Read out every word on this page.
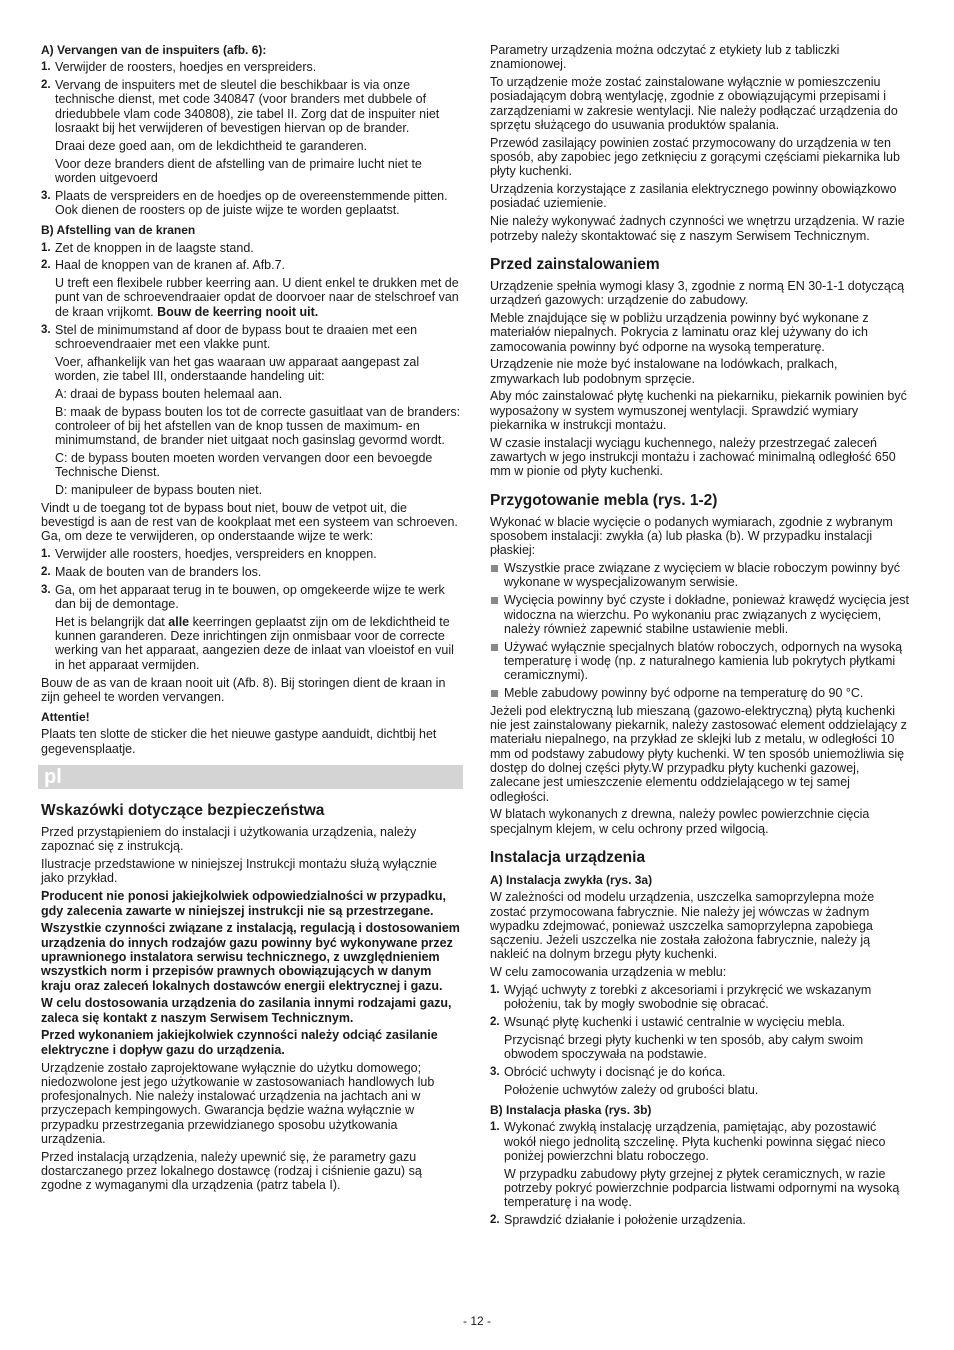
A) Vervangen van de inspuiters (afb. 6):

1. Verwijder de roosters, hoedjes en verspreiders.
2. Vervang de inspuiters met de sleutel die beschikbaar is via onze technische dienst, met code 340847 (voor branders met dubbele of driedubbele vlam code 340808), zie tabel II. Zorg dat de inspuiter niet losraakt bij het verwijderen of bevestigen hiervan op de brander.

Draai deze goed aan, om de lekdichtheid te garanderen.

Voor deze branders dient de afstelling van de primaire lucht niet te worden uitgevoerd

3. Plaats de verspreiders en de hoedjes op de overeenstemmende pitten. Ook dienen de roosters op de juiste wijze te worden geplaatst.

B) Afstelling van de kranen

1. Zet de knoppen in de laagste stand.
2. Haal de knoppen van de kranen af. Afb.7.

U treft een flexibele rubber keerring aan. U dient enkel te drukken met de punt van de schroevendraaier opdat de doorvoer naar de stelschroef van de kraan vrijkomt. Bouw de keerring nooit uit.

3. Stel de minimumstand af door de bypass bout te draaien met een schroevendraaier met een vlakke punt.

Voer, afhankelijk van het gas waaraan uw apparaat aangepast zal worden, zie tabel III, onderstaande handeling uit:

A: draai de bypass bouten helemaal aan.

B: maak de bypass bouten los tot de correcte gasuitlaat van de branders: controleer of bij het afstellen van de knop tussen de maximum- en minimumstand, de brander niet uitgaat noch gasinslag gevormd wordt.

C: de bypass bouten moeten worden vervangen door een bevoegde Technische Dienst.

D: manipuleer de bypass bouten niet.

Vindt u de toegang tot de bypass bout niet, bouw de vetpot uit, die bevestigd is aan de rest van de kookplaat met een systeem van schroeven. Ga, om deze te verwijderen, op onderstaande wijze te werk:

1. Verwijder alle roosters, hoedjes, verspreiders en knoppen.
2. Maak de bouten van de branders los.
3. Ga, om het apparaat terug in te bouwen, op omgekeerde wijze te werk dan bij de demontage.

Het is belangrijk dat alle keerringen geplaatst zijn om de lekdichtheid te kunnen garanderen. Deze inrichtingen zijn onmisbaar voor de correcte werking van het apparaat, aangezien deze de inlaat van vloeistof en vuil in het apparaat vermijden.

Bouw de as van de kraan nooit uit (Afb. 8). Bij storingen dient de kraan in zijn geheel te worden vervangen.

Attentie!

Plaats ten slotte de sticker die het nieuwe gastype aanduidt, dichtbij het gegevensplaatje.

pl

Wskazówki dotyczące bezpieczeństwa

Przed przystąpieniem do instalacji i użytkowania urządzenia, należy zapoznać się z instrukcją.

Ilustracje przedstawione w niniejszej Instrukcji montażu służą wyłącznie jako przykład.

Producent nie ponosi jakiejkolwiek odpowiedzialności w przypadku, gdy zalecenia zawarte w niniejszej instrukcji nie są przestrzegane.

Wszystkie czynności związane z instalacją, regulacją i dostosowaniem urządzenia do innych rodzajów gazu powinny być wykonywane przez uprawnionego instalatora serwisu technicznego, z uwzględnieniem wszystkich norm i przepisów prawnych obowiązujących w danym kraju oraz zaleceń lokalnych dostawców energii elektrycznej i gazu.

W celu dostosowania urządzenia do zasilania innymi rodzajami gazu, zaleca się kontakt z naszym Serwisem Technicznym.

Przed wykonaniem jakiejkolwiek czynności należy odciąć zasilanie elektryczne i dopływ gazu do urządzenia.

Urządzenie zostało zaprojektowane wyłącznie do użytku domowego; niedozwolone jest jego użytkowanie w zastosowaniach handlowych lub profesjonalnych. Nie należy instalować urządzenia na jachtach ani w przyczepach kempingowych. Gwarancja będzie ważna wyłącznie w przypadku przestrzegania przewidzianego sposobu użytkowania urządzenia.

Przed instalacją urządzenia, należy upewnić się, że parametry gazu dostarczanego przez lokalnego dostawcę (rodzaj i ciśnienie gazu) są zgodne z wymaganymi dla urządzenia (patrz tabela I).

Parametry urządzenia można odczytać z etykiety lub z tabliczki znamionowej.

To urządzenie może zostać zainstalowane wyłącznie w pomieszczeniu posiadającym dobrą wentylację, zgodnie z obowiązującymi przepisami i zarządzeniami w zakresie wentylacji. Nie należy podłączać urządzenia do sprzętu służącego do usuwania produktów spalania.

Przewód zasilający powinien zostać przymocowany do urządzenia w ten sposób, aby zapobiec jego zetknięciu z gorącymi częściami piekarnika lub płyty kuchenki.

Urządzenia korzystające z zasilania elektrycznego powinny obowiązkowo posiadać uziemienie.

Nie należy wykonywać żadnych czynności we wnętrzu urządzenia. W razie potrzeby należy skontaktować się z naszym Serwisem Technicznym.

Przed zainstalowaniem

Urządzenie spełnia wymogi klasy 3, zgodnie z normą EN 30-1-1 dotyczącą urządzeń gazowych: urządzenie do zabudowy.

Meble znajdujące się w pobliżu urządzenia powinny być wykonane z materiałów niepalnych. Pokrycia z laminatu oraz klej używany do ich zamocowania powinny być odporne na wysoką temperaturę.

Urządzenie nie może być instalowane na lodówkach, pralkach, zmywarkach lub podobnym sprzęcie.

Aby móc zainstalować płytę kuchenki na piekarniku, piekarnik powinien być wyposażony w system wymuszonej wentylacji. Sprawdzić wymiary piekarnika w instrukcji montażu.

W czasie instalacji wyciągu kuchennego, należy przestrzegać zaleceń zawartych w jego instrukcji montażu i zachować minimalną odległość 650 mm w pionie od płyty kuchenki.

Przygotowanie mebla (rys. 1-2)

Wykonać w blacie wycięcie o podanych wymiarach, zgodnie z wybranym sposobem instalacji: zwykła (a) lub płaska (b). W przypadku instalacji płaskiej:

Wszystkie prace związane z wycięciem w blacie roboczym powinny być wykonane w wyspecjalizowanym serwisie.
Wycięcia powinny być czyste i dokładne, ponieważ krawędź wycięcia jest widoczna na wierzchu. Po wykonaniu prac związanych z wycięciem, należy również zapewnić stabilne ustawienie mebli.
Używać wyłącznie specjalnych blatów roboczych, odpornych na wysoką temperaturę i wodę (np. z naturalnego kamienia lub pokrytych płytkami ceramicznymi).
Meble zabudowy powinny być odporne na temperaturę do 90 °C.

Jeżeli pod elektryczną lub mieszaną (gazowo-elektryczną) płytą kuchenki nie jest zainstalowany piekarnik, należy zastosować element oddzielający z materiału niepalnego, na przykład ze sklejki lub z metalu, w odległości 10 mm od podstawy zabudowy płyty kuchenki. W ten sposób uniemożliwia się dostęp do dolnej części płyty.W przypadku płyty kuchenki gazowej, zalecane jest umieszczenie elementu oddzielającego w tej samej odległości.

W blatach wykonanych z drewna, należy powlec powierzchnie cięcia specjalnym klejem, w celu ochrony przed wilgocią.

Instalacja urządzenia

A) Instalacja zwykła (rys. 3a)

W zależności od modelu urządzenia, uszczelka samoprzylepna może zostać przymocowana fabrycznie. Nie należy jej wówczas w żadnym wypadku zdejmować, ponieważ uszczelka samoprzylepna zapobiega sączeniu. Jeżeli uszczelka nie została założona fabrycznie, należy ją nakleić na dolnym brzegu płyty kuchenki.

W celu zamocowania urządzenia w meblu:

1. Wyjąć uchwyty z torebki z akcesoriami i przykręcić we wskazanym położeniu, tak by mogły swobodnie się obracać.
2. Wsunąć płytę kuchenki i ustawić centralnie w wycięciu mebla.

Przycisnąć brzegi płyty kuchenki w ten sposób, aby całym swoim obwodem spoczywała na podstawie.

3. Obrócić uchwyty i docisnąć je do końca.

Położenie uchwytów zależy od grubości blatu.

B) Instalacja płaska (rys. 3b)

1. Wykonać zwykłą instalację urządzenia, pamiętając, aby pozostawić wokół niego jednolitą szczelinę. Płyta kuchenki powinna sięgać nieco poniżej powierzchni blatu roboczego.

W przypadku zabudowy płyty grzejnej z płytek ceramicznych, w razie potrzeby pokryć powierzchnie podparcia listwami odpornymi na wysoką temperaturę i na wodę.

2. Sprawdzić działanie i położenie urządzenia.
- 12 -
